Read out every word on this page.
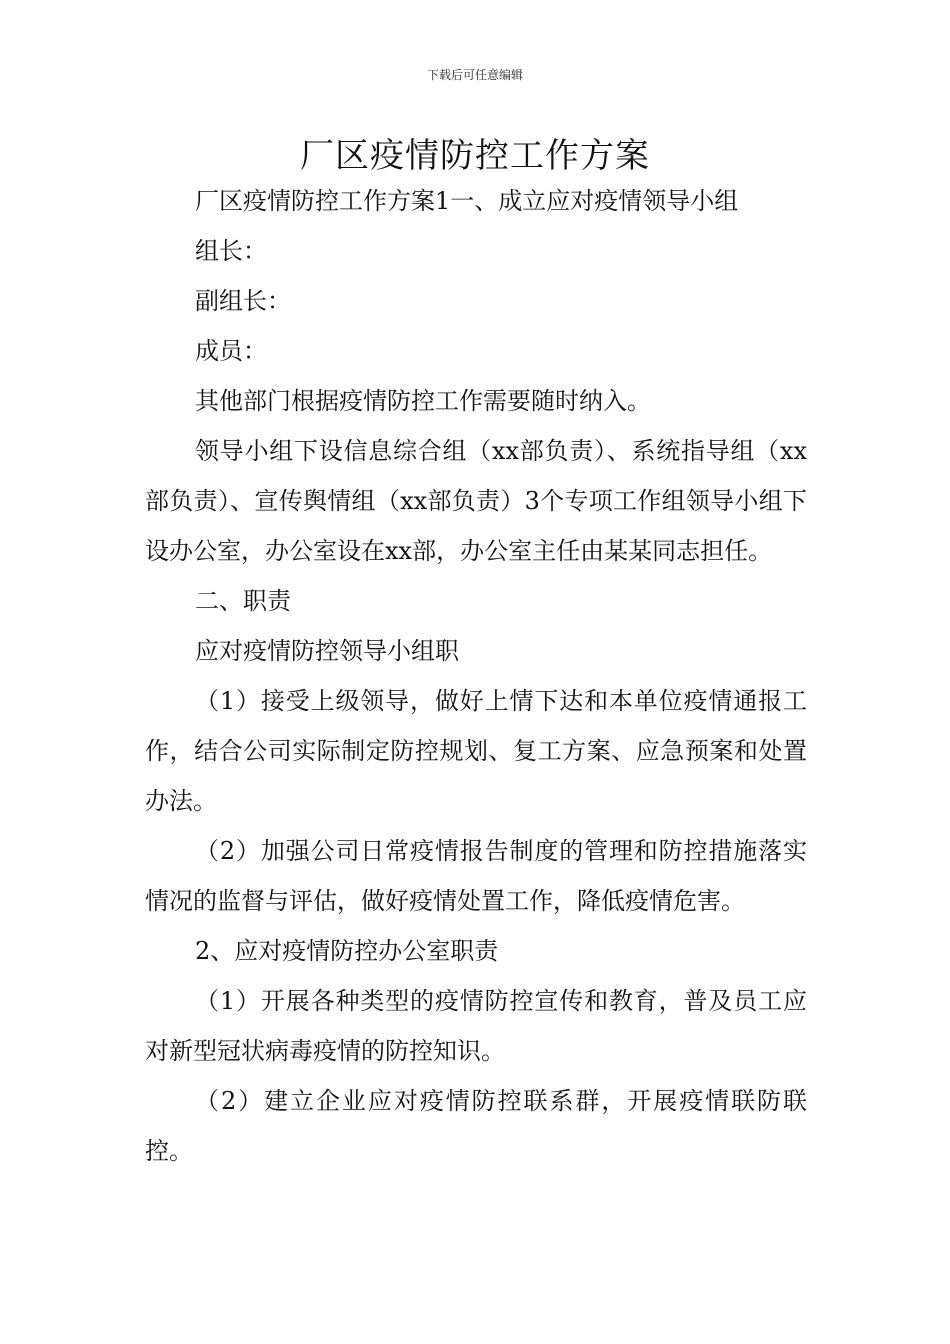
下载后可任意编辑
厂区疫情防控工作方案

厂区疫情防控工作方案1一、成立应对疫情领导小组

组长：

副组长：

成员：

其他部门根据疫情防控工作需要随时纳入。

领导小组下设信息综合组（xx部负责）、系统指导组（xx部负责）、宣传舆情组（xx部负责）3个专项工作组领导小组下设办公室，办公室设在xx部，办公室主任由某某同志担任。

二、职责

应对疫情防控领导小组职

（1）接受上级领导，做好上情下达和本单位疫情通报工作，结合公司实际制定防控规划、复工方案、应急预案和处置办法。

（2）加强公司日常疫情报告制度的管理和防控措施落实情况的监督与评估，做好疫情处置工作，降低疫情危害。

2、应对疫情防控办公室职责

（1）开展各种类型的疫情防控宣传和教育，普及员工应对新型冠状病毒疫情的防控知识。

（2）建立企业应对疫情防控联系群，开展疫情联防联控。
